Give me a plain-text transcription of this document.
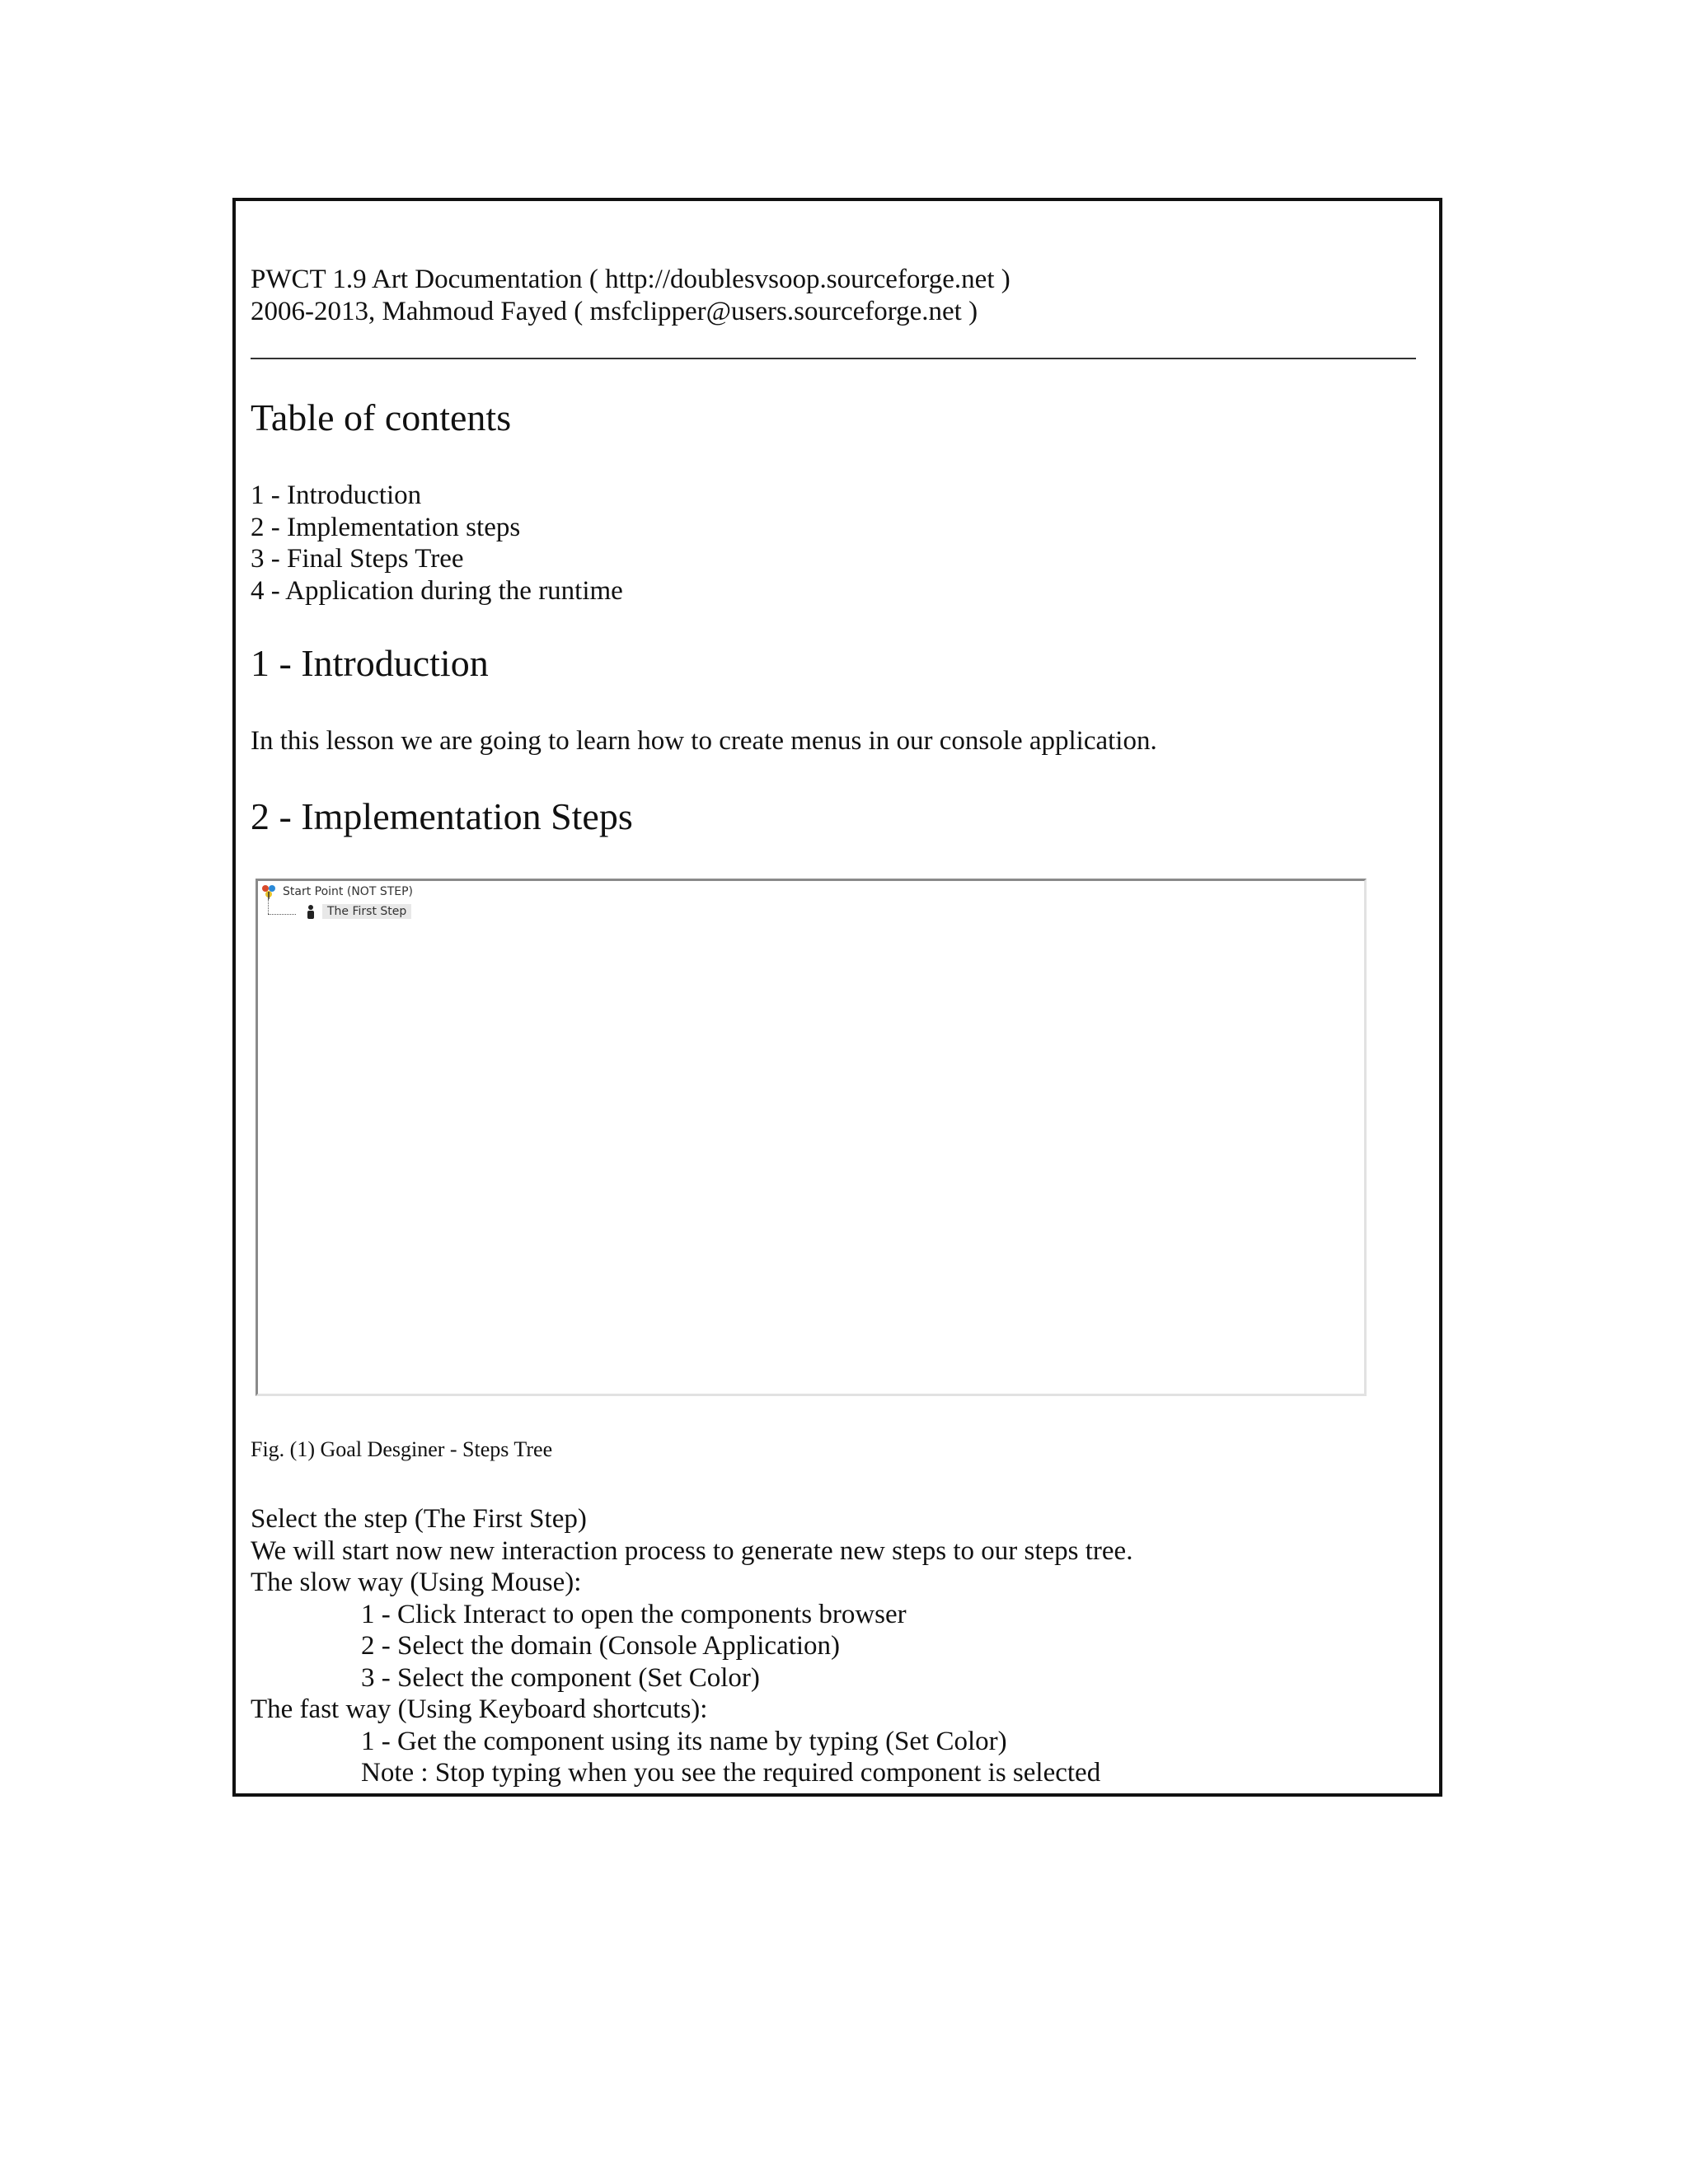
PWCT 1.9 Art Documentation ( http://doublesvsoop.sourceforge.net )
2006-2013, Mahmoud Fayed ( msfclipper@users.sourceforge.net )
Table of contents
1 - Introduction
2 - Implementation steps
3 - Final Steps Tree
4 - Application during the runtime
1 - Introduction
In this lesson we are going to learn how to create menus in our console application.
2 - Implementation Steps
Start Point (NOT STEP)
The First Step
Fig. (1) Goal Desginer - Steps Tree
Select the step (The First Step)
We will start now new interaction process to generate new steps to our steps tree.
The slow way (Using Mouse):
1 - Click Interact to open the components browser
2 - Select the domain (Console Application)
3 - Select the component (Set Color)
The fast way (Using Keyboard shortcuts):
1 - Get the component using its name by typing (Set Color)
Note : Stop typing when you see the required component is selected
